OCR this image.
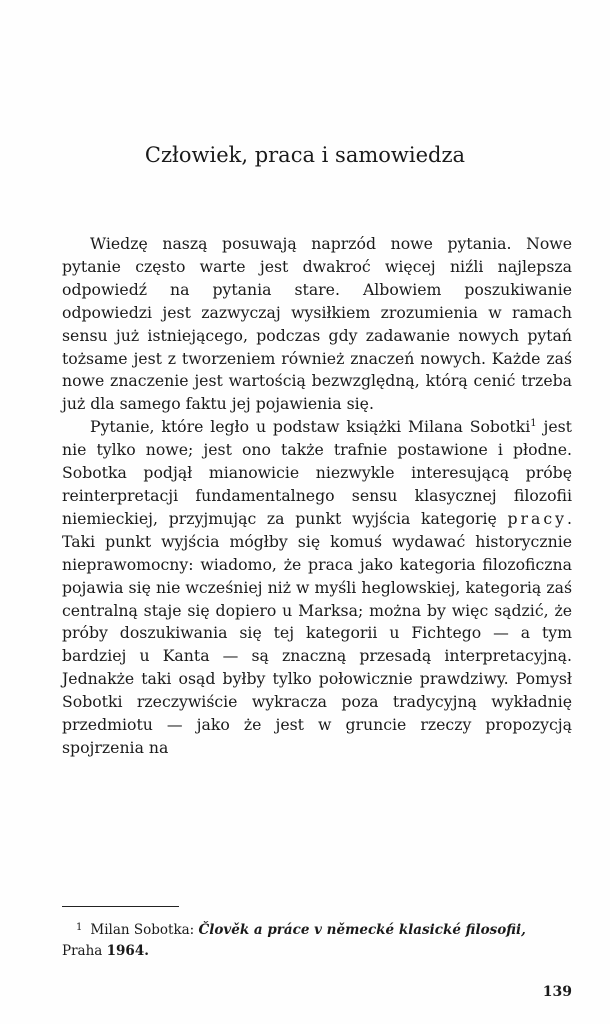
Człowiek, praca i samowiedza

Wiedzę naszą posuwają naprzód nowe pytania. Nowe pytanie często warte jest dwakroć więcej niźli najlepsza odpowiedź na pytania stare. Albowiem poszukiwanie odpowiedzi jest zazwyczaj wysiłkiem zrozumienia w ramach sensu już istniejącego, podczas gdy zadawanie nowych pytań tożsame jest z tworzeniem również znaczeń nowych. Każde zaś nowe znaczenie jest wartością bezwzględną, którą cenić trzeba już dla samego faktu jej pojawienia się.

Pytanie, które legło u podstaw książki Milana Sobotki$^1$ jest nie tylko nowe; jest ono także trafnie postawione i płodne. Sobotka podjął mianowicie niezwykle interesującą próbę reinterpretacji fundamentalnego sensu klasycznej filozofii niemieckiej, przyjmując za punkt wyjścia kategorię pracy. Taki punkt wyjścia mógłby się komuś wydawać historycznie nieprawomocny: wiadomo, że praca jako kategoria filozoficzna pojawia się nie wcześniej niż w myśli heglowskiej, kategorią zaś centralną staje się dopiero u Marksa; można by więc sądzić, że próby doszukiwania się tej kategorii u Fichtego — a tym bardziej u Kanta — są znaczną przesadą interpretacyjną. Jednakże taki osąd byłby tylko połowicznie prawdziwy. Pomysł Sobotki rzeczywiście wykracza poza tradycyjną wykładnię przedmiotu — jako że jest w gruncie rzeczy propozycją spojrzenia na

$^1$ Milan Sobotka: Člověk a práce v německé klasické filosofii,
Praha 1964.
139
